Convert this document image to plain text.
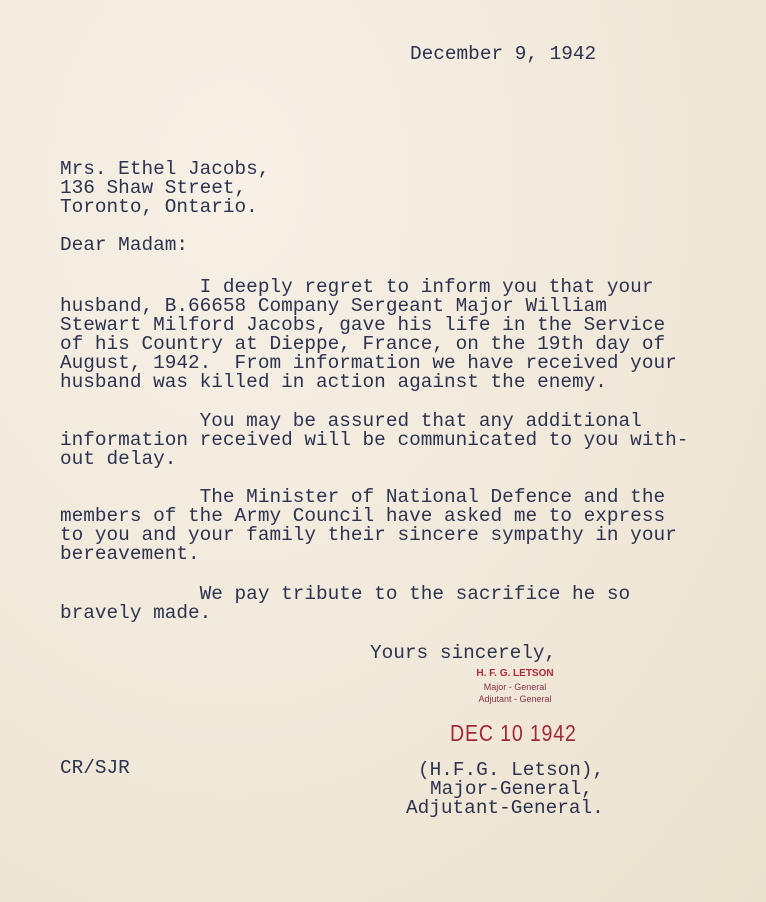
December 9, 1942
Mrs. Ethel Jacobs,
136 Shaw Street,
Toronto, Ontario.
Dear Madam:
I deeply regret to inform you that your
husband, B.66658 Company Sergeant Major William
Stewart Milford Jacobs, gave his life in the Service
of his Country at Dieppe, France, on the 19th day of
August, 1942.  From information we have received your
husband was killed in action against the enemy.
You may be assured that any additional
information received will be communicated to you with-
out delay.
The Minister of National Defence and the
members of the Army Council have asked me to express
to you and your family their sincere sympathy in your
bereavement.
We pay tribute to the sacrifice he so
bravely made.
Yours sincerely,
H. F. G. LETSON
Major - General
Adjutant - General
DEC 10 1942
CR/SJR	(H.F.G. Letson),
Major-General,
Adjutant-General.
